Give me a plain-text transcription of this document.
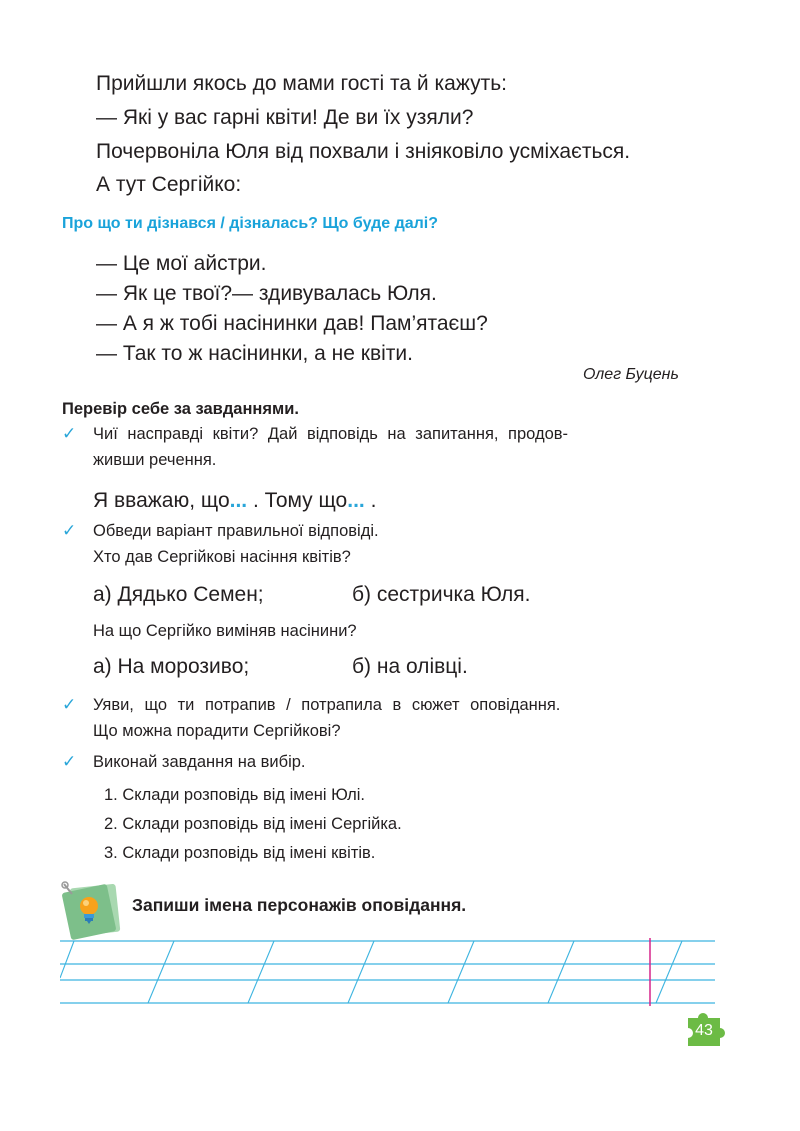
Прийшли якось до мами гості та й кажуть:
— Які у вас гарні квіти! Де ви їх узяли?
Почервоніла Юля від похвали і зніяковіло усміхається.
А тут Сергійко:
Про що ти дізнався / дізналась? Що буде далі?
— Це мої айстри.
— Як це твої?— здивувалась Юля.
— А я ж тобі насінинки дав! Пам’ятаєш?
— Так то ж насінинки, а не квіти.
Олег Буцень
Перевір себе за завданнями.
✓ Чиї насправді квіти? Дай відповідь на запитання, продов-
живши речення.
Я вважаю, що... . Тому що... .
✓ Обведи варіант правильної відповіді.
Хто дав Сергійкові насіння квітів?
а) Дядько Семен;	б) сестричка Юля.
На що Сергійко виміняв насінини?
а) На морозиво;	б) на олівці.
✓ Уяви, що ти потрапив / потрапила в сюжет оповідання.
Що можна порадити Сергійкові?
✓ Виконай завдання на вибір.
1. Склади розповідь від імені Юлі.
2. Склади розповідь від імені Сергійка.
3. Склади розповідь від імені квітів.
Запиши імена персонажів оповідання.
43
